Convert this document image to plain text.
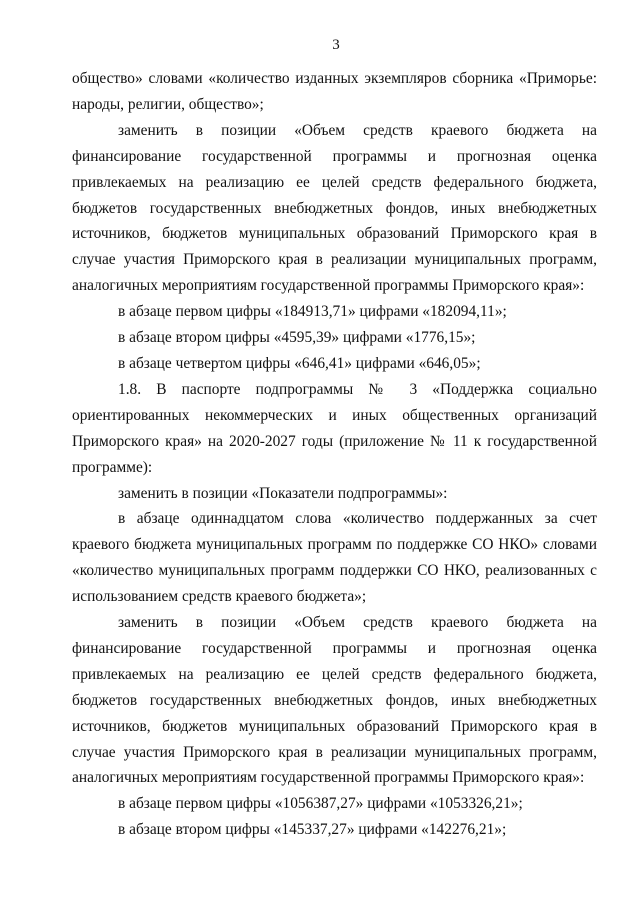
3

общество» словами «количество изданных экземпляров сборника «Приморье: народы, религии, общество»;

заменить в позиции «Объем средств краевого бюджета на финансирование государственной программы и прогнозная оценка привлекаемых на реализацию ее целей средств федерального бюджета, бюджетов государственных внебюджетных фондов, иных внебюджетных источников, бюджетов муниципальных образований Приморского края в случае участия Приморского края в реализации муниципальных программ, аналогичных мероприятиям государственной программы Приморского края»:

в абзаце первом цифры «184913,71» цифрами «182094,11»;

в абзаце втором цифры «4595,39» цифрами «1776,15»;

в абзаце четвертом цифры «646,41» цифрами «646,05»;

1.8. В паспорте подпрограммы № 3 «Поддержка социально ориентированных некоммерческих и иных общественных организаций Приморского края» на 2020-2027 годы (приложение № 11 к государственной программе):

заменить в позиции «Показатели подпрограммы»:

в абзаце одиннадцатом слова «количество поддержанных за счет краевого бюджета муниципальных программ по поддержке СО НКО» словами «количество муниципальных программ поддержки СО НКО, реализованных с использованием средств краевого бюджета»;

заменить в позиции «Объем средств краевого бюджета на финансирование государственной программы и прогнозная оценка привлекаемых на реализацию ее целей средств федерального бюджета, бюджетов государственных внебюджетных фондов, иных внебюджетных источников, бюджетов муниципальных образований Приморского края в случае участия Приморского края в реализации муниципальных программ, аналогичных мероприятиям государственной программы Приморского края»:

в абзаце первом цифры «1056387,27» цифрами «1053326,21»;

в абзаце втором цифры «145337,27» цифрами «142276,21»;
